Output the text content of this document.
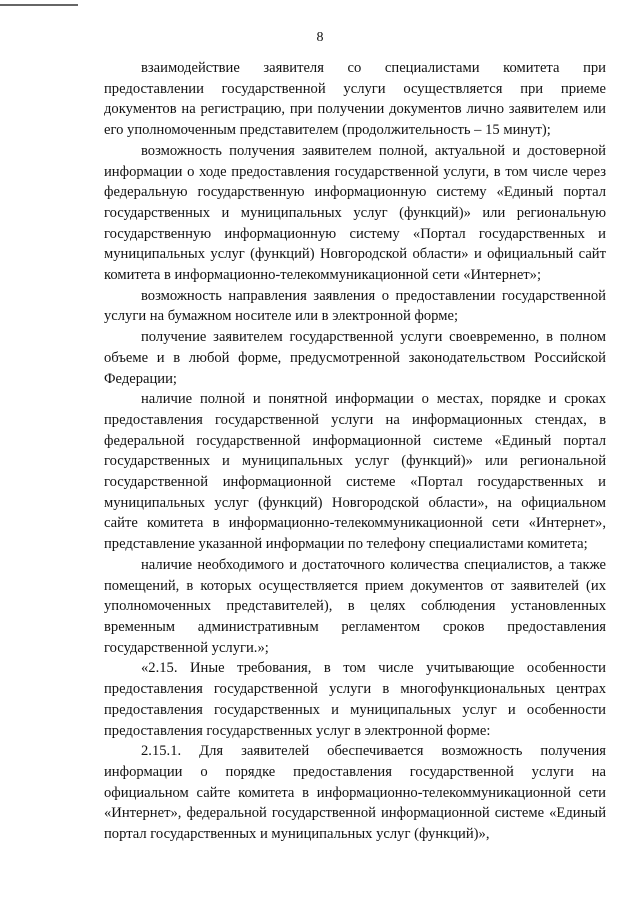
8

взаимодействие заявителя со специалистами комитета при предоставлении государственной услуги осуществляется при приеме документов на регистрацию, при получении документов лично заявителем или его уполномоченным представителем (продолжительность – 15 минут);

возможность получения заявителем полной, актуальной и достоверной информации о ходе предоставления государственной услуги, в том числе через федеральную государственную информационную систему «Единый портал государственных и муниципальных услуг (функций)» или региональную государственную информационную систему «Портал государственных и муниципальных услуг (функций) Новгородской области» и официальный сайт комитета в информационно-телекоммуникационной сети «Интернет»;

возможность направления заявления о предоставлении государственной услуги на бумажном носителе или в электронной форме;

получение заявителем государственной услуги своевременно, в полном объеме и в любой форме, предусмотренной законодательством Российской Федерации;

наличие полной и понятной информации о местах, порядке и сроках предоставления государственной услуги на информационных стендах, в федеральной государственной информационной системе «Единый портал государственных и муниципальных услуг (функций)» или региональной государственной информационной системе «Портал государственных и муниципальных услуг (функций) Новгородской области», на официальном сайте комитета в информационно-телекоммуникационной сети «Интернет», представление указанной информации по телефону специалистами комитета;

наличие необходимого и достаточного количества специалистов, а также помещений, в которых осуществляется прием документов от заявителей (их уполномоченных представителей), в целях соблюдения установленных временным административным регламентом сроков предоставления государственной услуги.»;

«2.15. Иные требования, в том числе учитывающие особенности предоставления государственной услуги в многофункциональных центрах предоставления государственных и муниципальных услуг и особенности предоставления государственных услуг в электронной форме:

2.15.1. Для заявителей обеспечивается возможность получения информации о порядке предоставления государственной услуги на официальном сайте комитета в информационно-телекоммуникационной сети «Интернет», федеральной государственной информационной системе «Единый портал государственных и муниципальных услуг (функций)»,
